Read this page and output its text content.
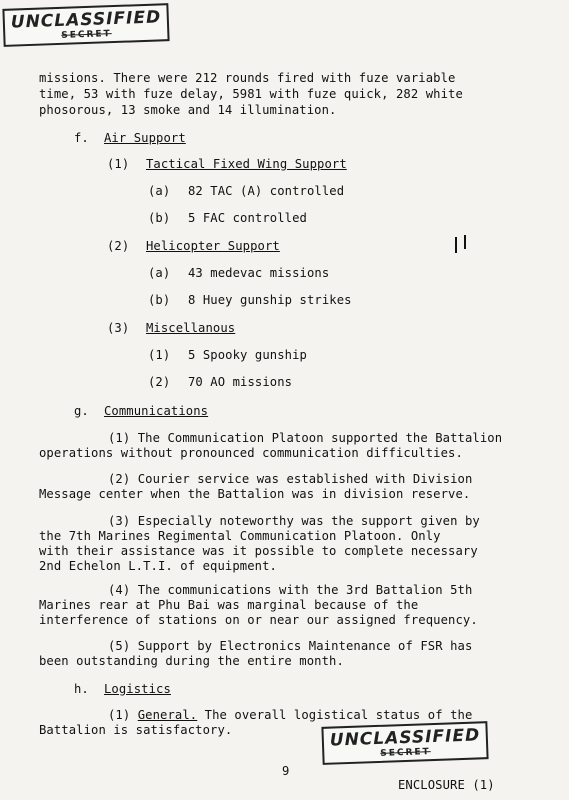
UNCLASSIFIED
SECRET
missions. There were 212 rounds fired with fuze variable
time, 53 with fuze delay, 5981 with fuze quick, 282 white
phosorous, 13 smoke and 14 illumination.
f. Air Support
(1) Tactical Fixed Wing Support
(a) 82 TAC (A) controlled
(b) 5 FAC controlled
(2) Helicopter Support
(a) 43 medevac missions
(b) 8 Huey gunship strikes
(3) Miscellanous
(1) 5 Spooky gunship
(2) 70 AO missions
g. Communications
(1) The Communication Platoon supported the Battalion
operations without pronounced communication difficulties.
(2) Courier service was established with Division
Message center when the Battalion was in division reserve.
(3) Especially noteworthy was the support given by
the 7th Marines Regimental Communication Platoon. Only
with their assistance was it possible to complete necessary
2nd Echelon L.T.I. of equipment.
(4) The communications with the 3rd Battalion 5th
Marines rear at Phu Bai was marginal because of the
interference of stations on or near our assigned frequency.
(5) Support by Electronics Maintenance of FSR has
been outstanding during the entire month.
h. Logistics
(1) General. The overall logistical status of the
Battalion is satisfactory.	UNCLASSIFIED
SECRET
9
ENCLOSURE (1)
